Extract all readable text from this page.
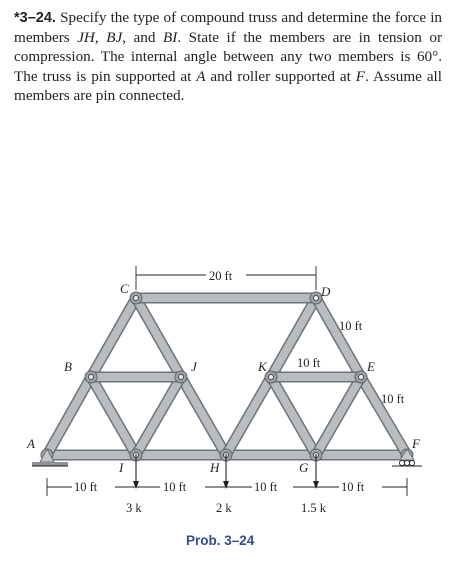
*3–24. Specify the type of compound truss and determine the force in members JH, BJ, and BI. State if the members are in tension or compression. The internal angle between any two members is 60°. The truss is pin supported at A and roller supported at F. Assume all members are pin connected.
A
B
C	D
E
F
G
H
I
J	K
20 ft
10 ft
10 ft
10 ft
10 ft	10 ft	10 ft	10 ft
3 k	2 k	1.5 k
Prob. 3–24
